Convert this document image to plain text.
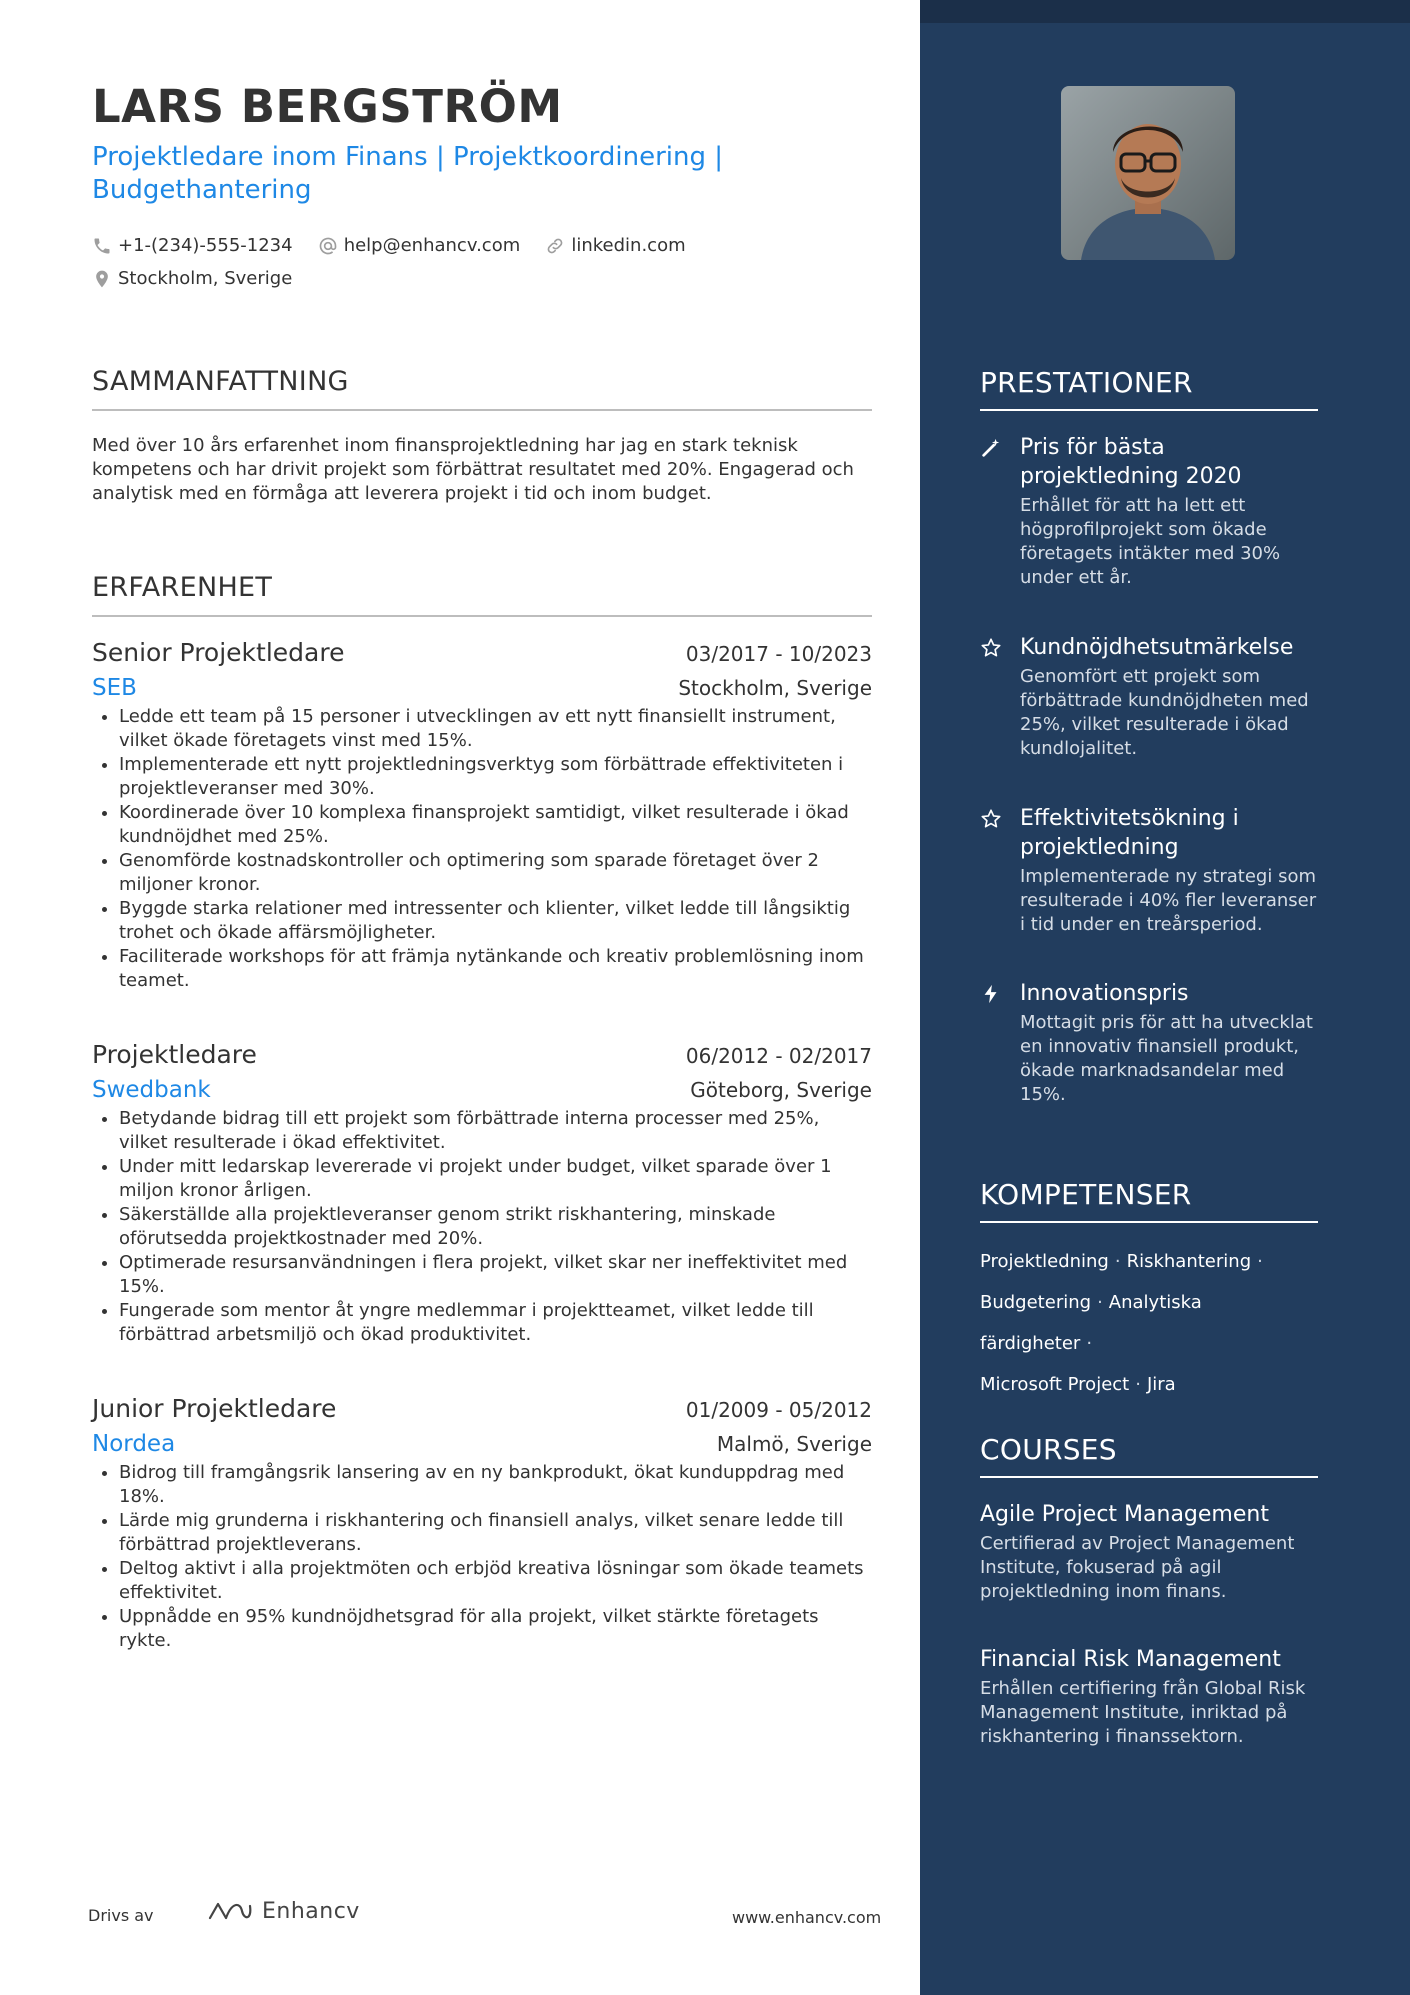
LARS BERGSTRÖM

Projektledare inom Finans | Projektkoordinering | Budgethantering

+1-(234)-555-1234
	help@enhancv.com
	linkedin.com

Stockholm, Sverige
SAMMANFATTNING

Med över 10 års erfarenhet inom finansprojektledning har jag en stark teknisk kompetens och har drivit projekt som förbättrat resultatet med 20%. Engagerad och analytisk med en förmåga att leverera projekt i tid och inom budget.

ERFARENHET
Senior Projektledare	03/2017 - 10/2023
SEB	Stockholm, Sverige
• Ledde ett team på 15 personer i utvecklingen av ett nytt finansiellt instrument, vilket ökade företagets vinst med 15%.
• Implementerade ett nytt projektledningsverktyg som förbättrade effektiviteten i projektleveranser med 30%.
• Koordinerade över 10 komplexa finansprojekt samtidigt, vilket resulterade i ökad kundnöjdhet med 25%.
• Genomförde kostnadskontroller och optimering som sparade företaget över 2 miljoner kronor.
• Byggde starka relationer med intressenter och klienter, vilket ledde till långsiktig trohet och ökade affärsmöjligheter.
• Faciliterade workshops för att främja nytänkande och kreativ problemlösning inom teamet.
Projektledare	06/2012 - 02/2017
Swedbank	Göteborg, Sverige
• Betydande bidrag till ett projekt som förbättrade interna processer med 25%, vilket resulterade i ökad effektivitet.
• Under mitt ledarskap levererade vi projekt under budget, vilket sparade över 1 miljon kronor årligen.
• Säkerställde alla projektleveranser genom strikt riskhantering, minskade oförutsedda projektkostnader med 20%.
• Optimerade resursanvändningen i flera projekt, vilket skar ner ineffektivitet med 15%.
• Fungerade som mentor åt yngre medlemmar i projektteamet, vilket ledde till förbättrad arbetsmiljö och ökad produktivitet.
Junior Projektledare	01/2009 - 05/2012
Nordea	Malmö, Sverige
• Bidrog till framgångsrik lansering av en ny bankprodukt, ökat kunduppdrag med 18%.
• Lärde mig grunderna i riskhantering och finansiell analys, vilket senare ledde till förbättrad projektleverans.
• Deltog aktivt i alla projektmöten och erbjöd kreativa lösningar som ökade teamets effektivitet.
• Uppnådde en 95% kundnöjdhetsgrad för alla projekt, vilket stärkte företagets rykte.
Drivs av	Enhancv	www.enhancv.com
PRESTATIONER

Pris för bästa projektledning 2020

Erhållet för att ha lett ett högprofilprojekt som ökade företagets intäkter med 30% under ett år.

Kundnöjdhetsutmärkelse

Genomfört ett projekt som förbättrade kundnöjdheten med 25%, vilket resulterade i ökad kundlojalitet.

Effektivitetsökning i projektledning

Implementerade ny strategi som resulterade i 40% fler leveranser i tid under en treårsperiod.

Innovationspris

Mottagit pris för att ha utvecklat en innovativ finansiell produkt, ökade marknadsandelar med 15%.

KOMPETENSER
Projektledning · Riskhantering ·
Budgetering · Analytiska färdigheter ·
Microsoft Project · Jira
COURSES

Agile Project Management

Certifierad av Project Management Institute, fokuserad på agil projektledning inom finans.

Financial Risk Management

Erhållen certifiering från Global Risk Management Institute, inriktad på riskhantering i finanssektorn.
